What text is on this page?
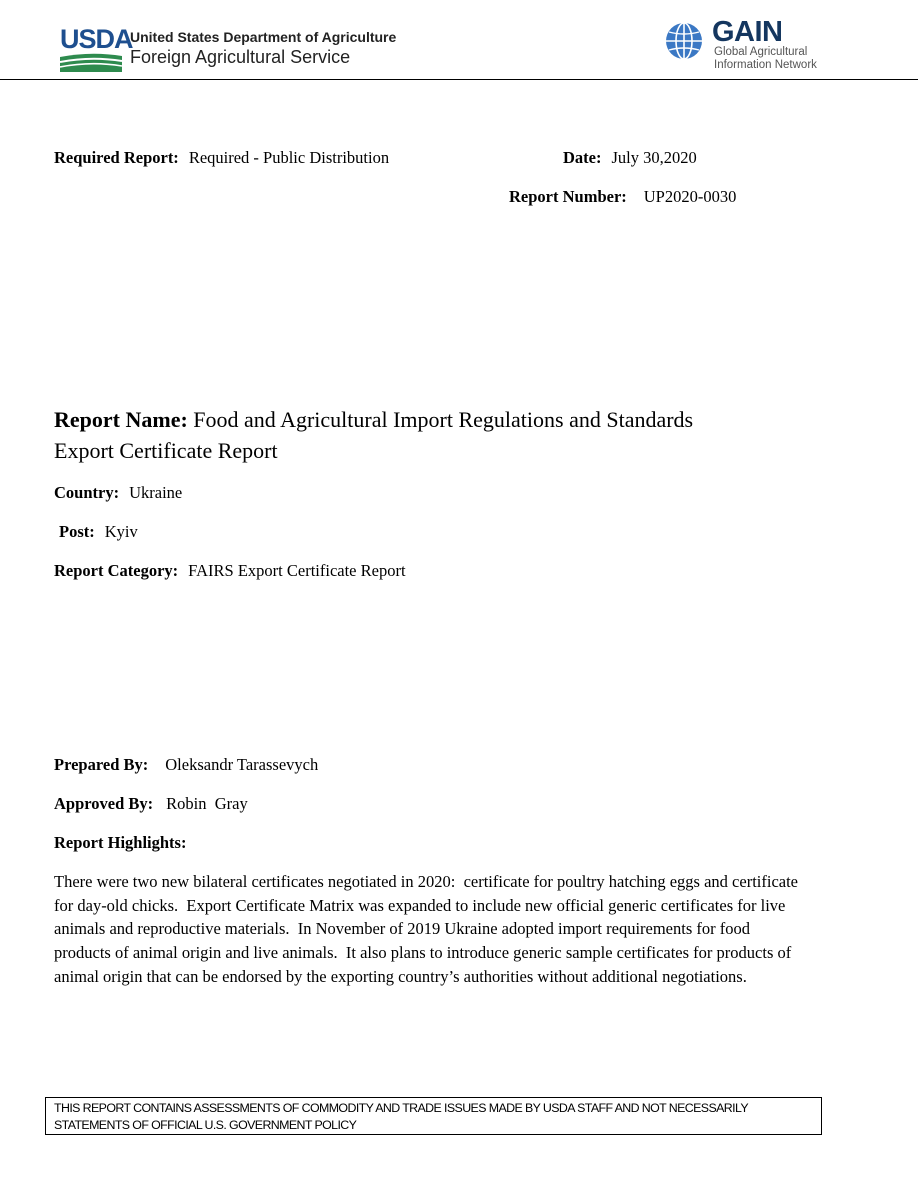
USDA
United States Department of Agriculture
Foreign Agricultural Service
GAIN
Global Agricultural
Information Network
Required Report: Required - Public Distribution	Date: July 30,2020
Report Number: UP2020-0030
Report Name: Food and Agricultural Import Regulations and Standards
Export Certificate Report
Country: Ukraine
Post: Kyiv
Report Category: FAIRS Export Certificate Report
Prepared By: Oleksandr Tarassevych
Approved By: Robin  Gray
Report Highlights:
There were two new bilateral certificates negotiated in 2020:  certificate for poultry hatching eggs and certificate for day-old chicks.  Export Certificate Matrix was expanded to include new official generic certificates for live animals and reproductive materials.  In November of 2019 Ukraine adopted import requirements for food products of animal origin and live animals.  It also plans to introduce generic sample certificates for products of animal origin that can be endorsed by the exporting country’s authorities without additional negotiations.
THIS REPORT CONTAINS ASSESSMENTS OF COMMODITY AND TRADE ISSUES MADE BY USDA STAFF AND NOT NECESSARILY
STATEMENTS OF OFFICIAL U.S. GOVERNMENT POLICY
